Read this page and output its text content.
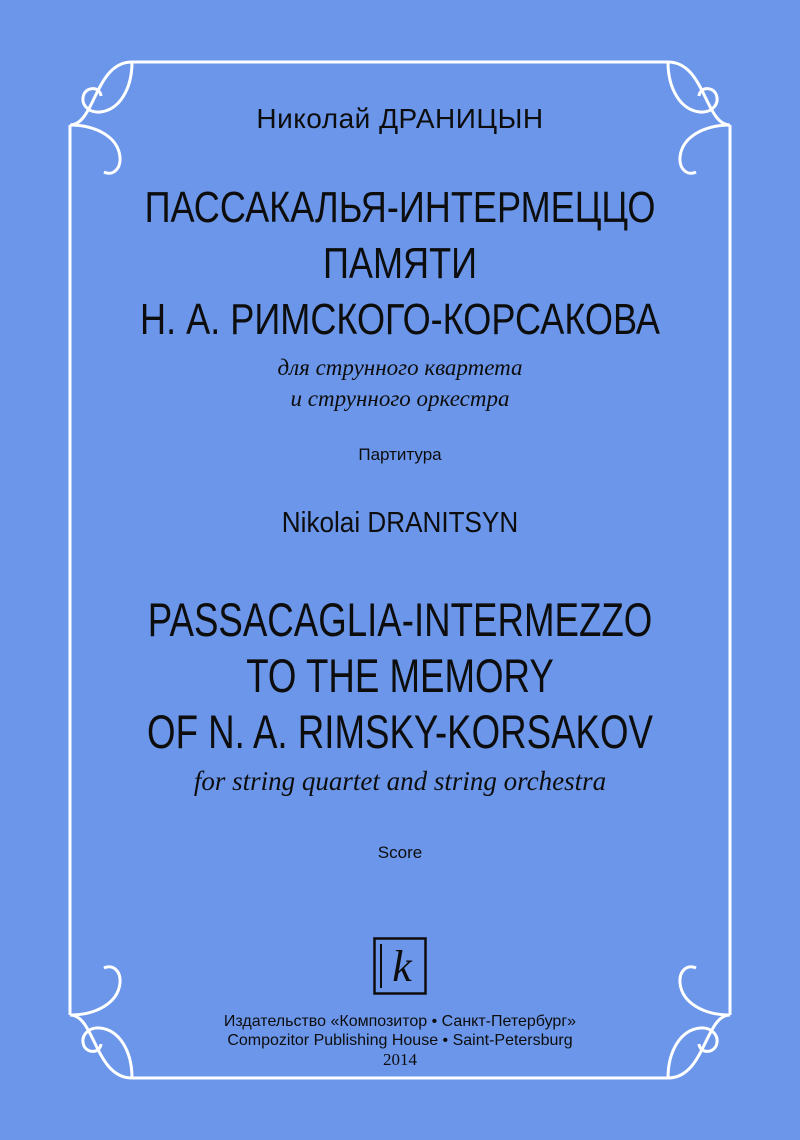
Николай ДРАНИЦЫН
ПАССАКАЛЬЯ-ИНТЕРМЕЦЦО
ПАМЯТИ
Н. А. РИМСКОГО-КОРСАКОВА
для струнного квартета
и струнного оркестра
Партитура
Nikolai DRANITSYN
PASSACAGLIA-INTERMEZZO
TO THE MEMORY
OF N. A. RIMSKY-KORSAKOV
for string quartet and string orchestra
Score
k
Издательство «Композитор • Санкт-Петербург»
Compozitor Publishing House • Saint-Petersburg
2014
